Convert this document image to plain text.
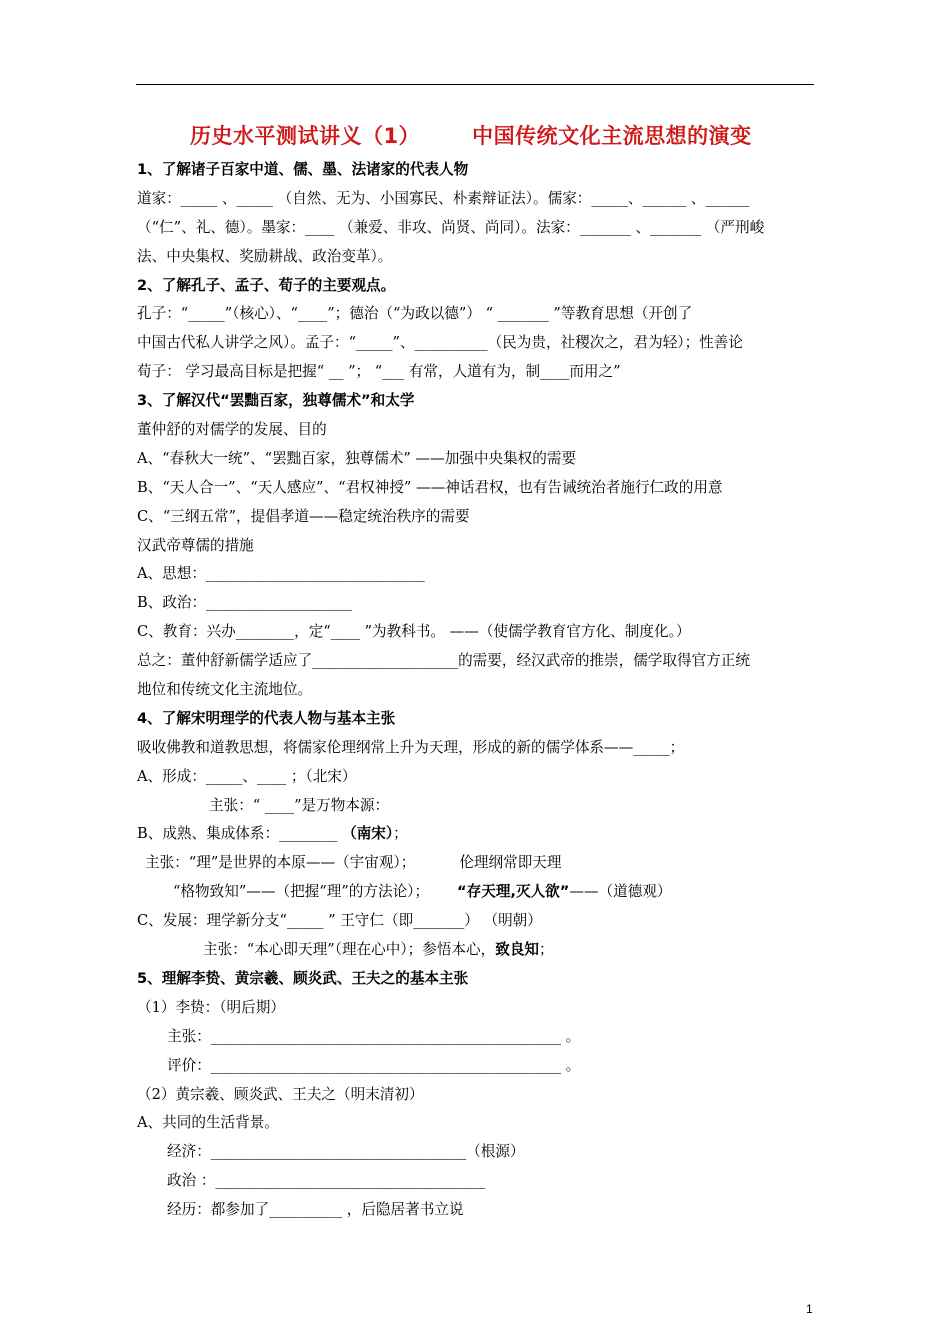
历史水平测试讲义（1） 中国传统文化主流思想的演变
1、了解诸子百家中道、儒、墨、法诸家的代表人物
道家：_____ 、_____ （自然、无为、小国寡民、朴素辩证法）。儒家：_____、______ 、______
（“仁”、礼、德）。墨家：____ （兼爱、非攻、尚贤、尚同）。法家：_______ 、_______ （严刑峻
法、中央集权、奖励耕战、政治变革）。
2、了解孔子、孟子、荀子的主要观点。
孔子：“_____”（核心）、“____”；德治（“为政以德”） “ _______ ”等教育思想（开创了
中国古代私人讲学之风）。孟子：“_____”、__________（民为贵，社稷次之，君为轻）；性善论
荀子： 学习最高目标是把握“ __ ”； “___ 有常，人道有为，制____而用之”
3、了解汉代“罢黜百家，独尊儒术”和太学
董仲舒的对儒学的发展、目的
A、“春秋大一统”、“罢黜百家，独尊儒术” ——加强中央集权的需要
B、“天人合一”、“天人感应”、“君权神授” ——神话君权，也有告诫统治者施行仁政的用意
C、“三纲五常”，提倡孝道——稳定统治秩序的需要
汉武帝尊儒的措施
A、思想：______________________________
B、政治：____________________
C、教育：兴办________，定“____ ”为教科书。 ——（使儒学教育官方化、制度化。）
总之：董仲舒新儒学适应了____________________的需要，经汉武帝的推崇，儒学取得官方正统
地位和传统文化主流地位。
4、了解宋明理学的代表人物与基本主张
吸收佛教和道教思想，将儒家伦理纲常上升为天理，形成的新的儒学体系——_____；
A、形成：_____、____ ；（北宋）
主张：“ ____”是万物本源：
B、成熟、集成体系：________ （南宋）；
主张：“理”是世界的本原——（宇宙观）；	伦理纲常即天理
“格物致知”——（把握“理”的方法论）； “存天理,灭人欲”——（道德观）
C、发展：理学新分支“_____ ” 王守仁（即_______） （明朝）
主张：“本心即天理”（理在心中）；参悟本心，致良知；
5、理解李贽、黄宗羲、顾炎武、王夫之的基本主张
（1）李贽：（明后期）
主张：________________________________________________ 。
评价：________________________________________________ 。
（2）黄宗羲、顾炎武、王夫之（明末清初）
A、共同的生活背景。
经济：___________________________________（根源）
政治 ：_____________________________________
经历：都参加了__________ ，后隐居著书立说
1
